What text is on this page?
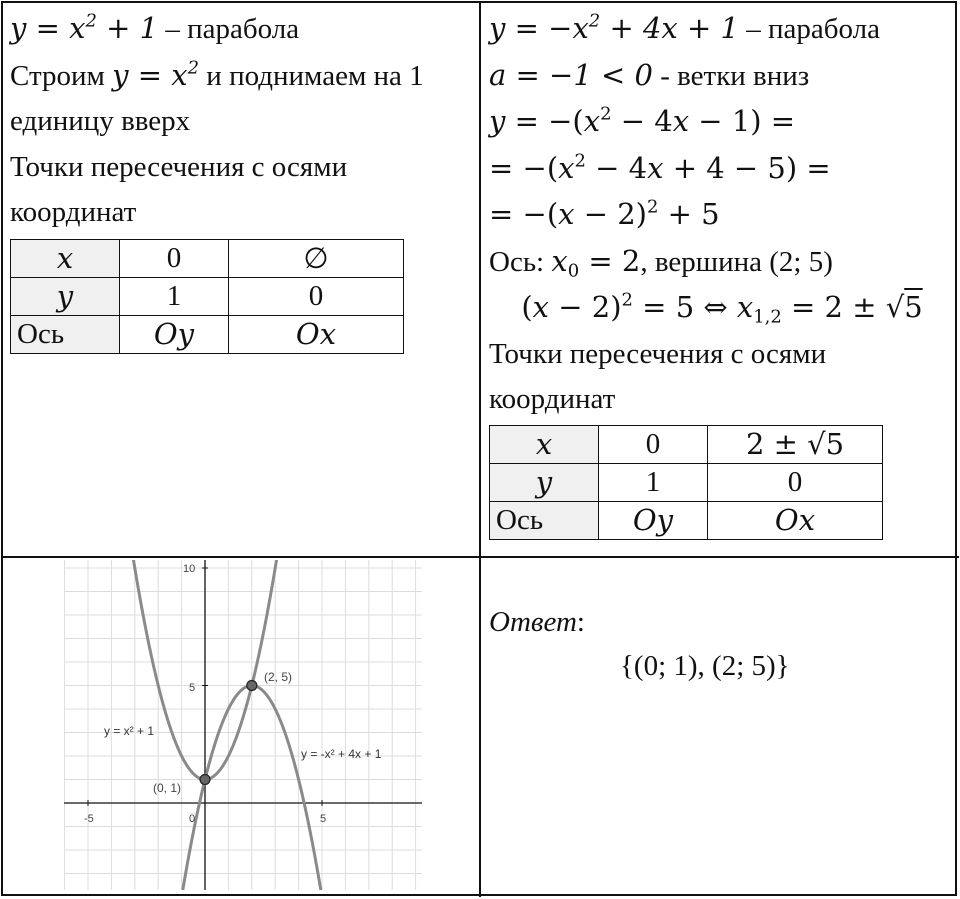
$y = x^2 + 1$ – парабола
Строим $y = x^2$ и поднимаем на 1
единицу вверх
Точки пересечения с осями
координат
x	0	∅
y	1	0
Ось	Oy	Ox
$y = -x^2 + 4x + 1$ – парабола
a = −1 < 0 - ветки вниз
$y = -(x^2 - 4x - 1)$ =
= $-(x^2 - 4x + 4 - 5)$ =
= $-(x - 2)^2 + 5$
Ось: $x_0 = 2$, вершина (2; 5)
$(x - 2)^2 = 5$ ⇔ $x_{1,2} = 2 \pm √5$
Точки пересечения с осями
координат
x	0	2 ± √5
y	1	0
Ось	Oy	Ox
-5	0	5
5
10
y = x² + 1
y = -x² + 4x + 1
(0, 1)
(2, 5)
Ответ:
{(0; 1), (2; 5)}
